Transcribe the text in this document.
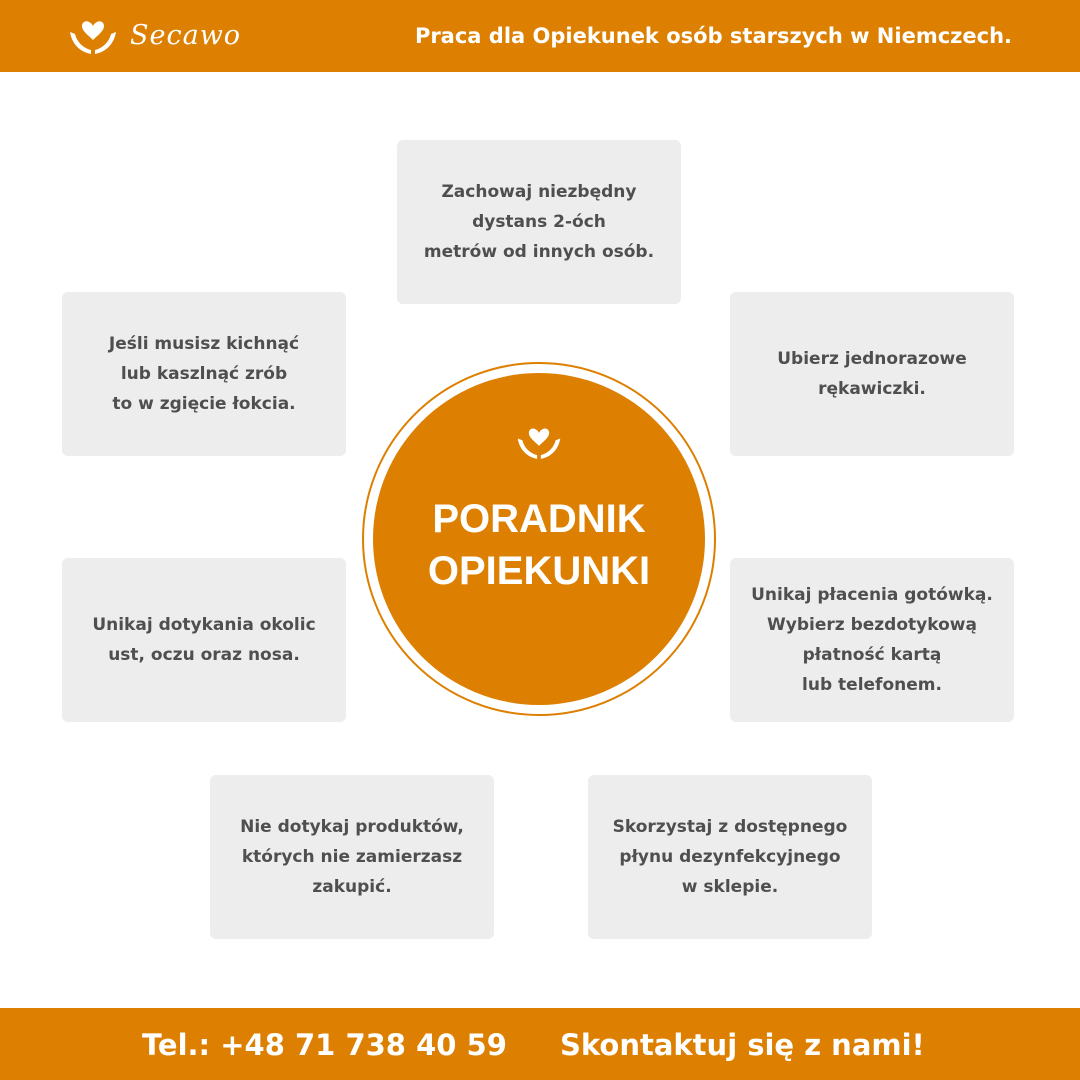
Secawo	Praca dla Opiekunek osób starszych w Niemczech.
Zachowaj niezbędny
dystans 2-óch
metrów od innych osób.
Ubierz jednorazowe
rękawiczki.
Unikaj płacenia gotówką.
Wybierz bezdotykową
płatność kartą
lub telefonem.
Skorzystaj z dostępnego
płynu dezynfekcyjnego
w sklepie.
Nie dotykaj produktów,
których nie zamierzasz
zakupić.
Unikaj dotykania okolic
ust, oczu oraz nosa.
Jeśli musisz kichnąć
lub kaszlnąć zrób
to w zgięcie łokcia.
PORADNIK
OPIEKUNKI
Tel.: +48 71 738 40 59 Skontaktuj się z nami!
